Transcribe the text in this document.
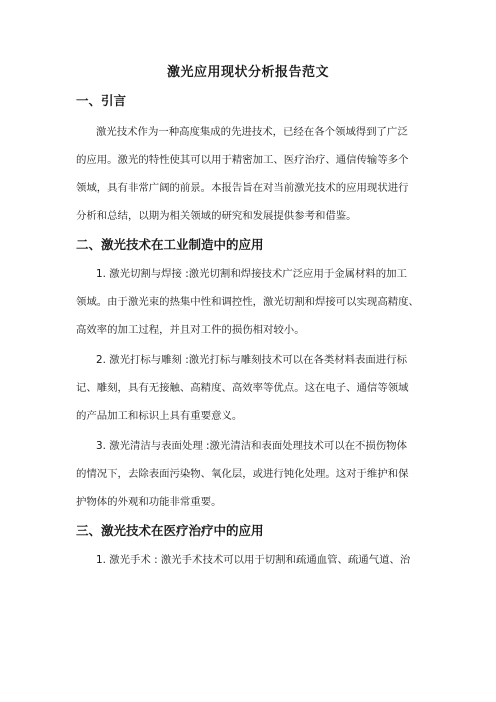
激光应用现状分析报告范文
一、引言
激光技术作为一种高度集成的先进技术，已经在各个领域得到了广泛
的应用。激光的特性使其可以用于精密加工、医疗治疗、通信传输等多个
领域，具有非常广阔的前景。本报告旨在对当前激光技术的应用现状进行
分析和总结，以期为相关领域的研究和发展提供参考和借鉴。
二、激光技术在工业制造中的应用
1. 激光切割与焊接 :激光切割和焊接技术广泛应用于金属材料的加工
领域。由于激光束的热集中性和调控性，激光切割和焊接可以实现高精度、
高效率的加工过程，并且对工件的损伤相对较小。
2. 激光打标与雕刻 :激光打标与雕刻技术可以在各类材料表面进行标
记、雕刻，具有无接触、高精度、高效率等优点。这在电子、通信等领域
的产品加工和标识上具有重要意义。
3. 激光清洁与表面处理 :激光清洁和表面处理技术可以在不损伤物体
的情况下，去除表面污染物、氧化层，或进行钝化处理。这对于维护和保
护物体的外观和功能非常重要。
三、激光技术在医疗治疗中的应用
1. 激光手术 : 激光手术技术可以用于切割和疏通血管、疏通气道、治
